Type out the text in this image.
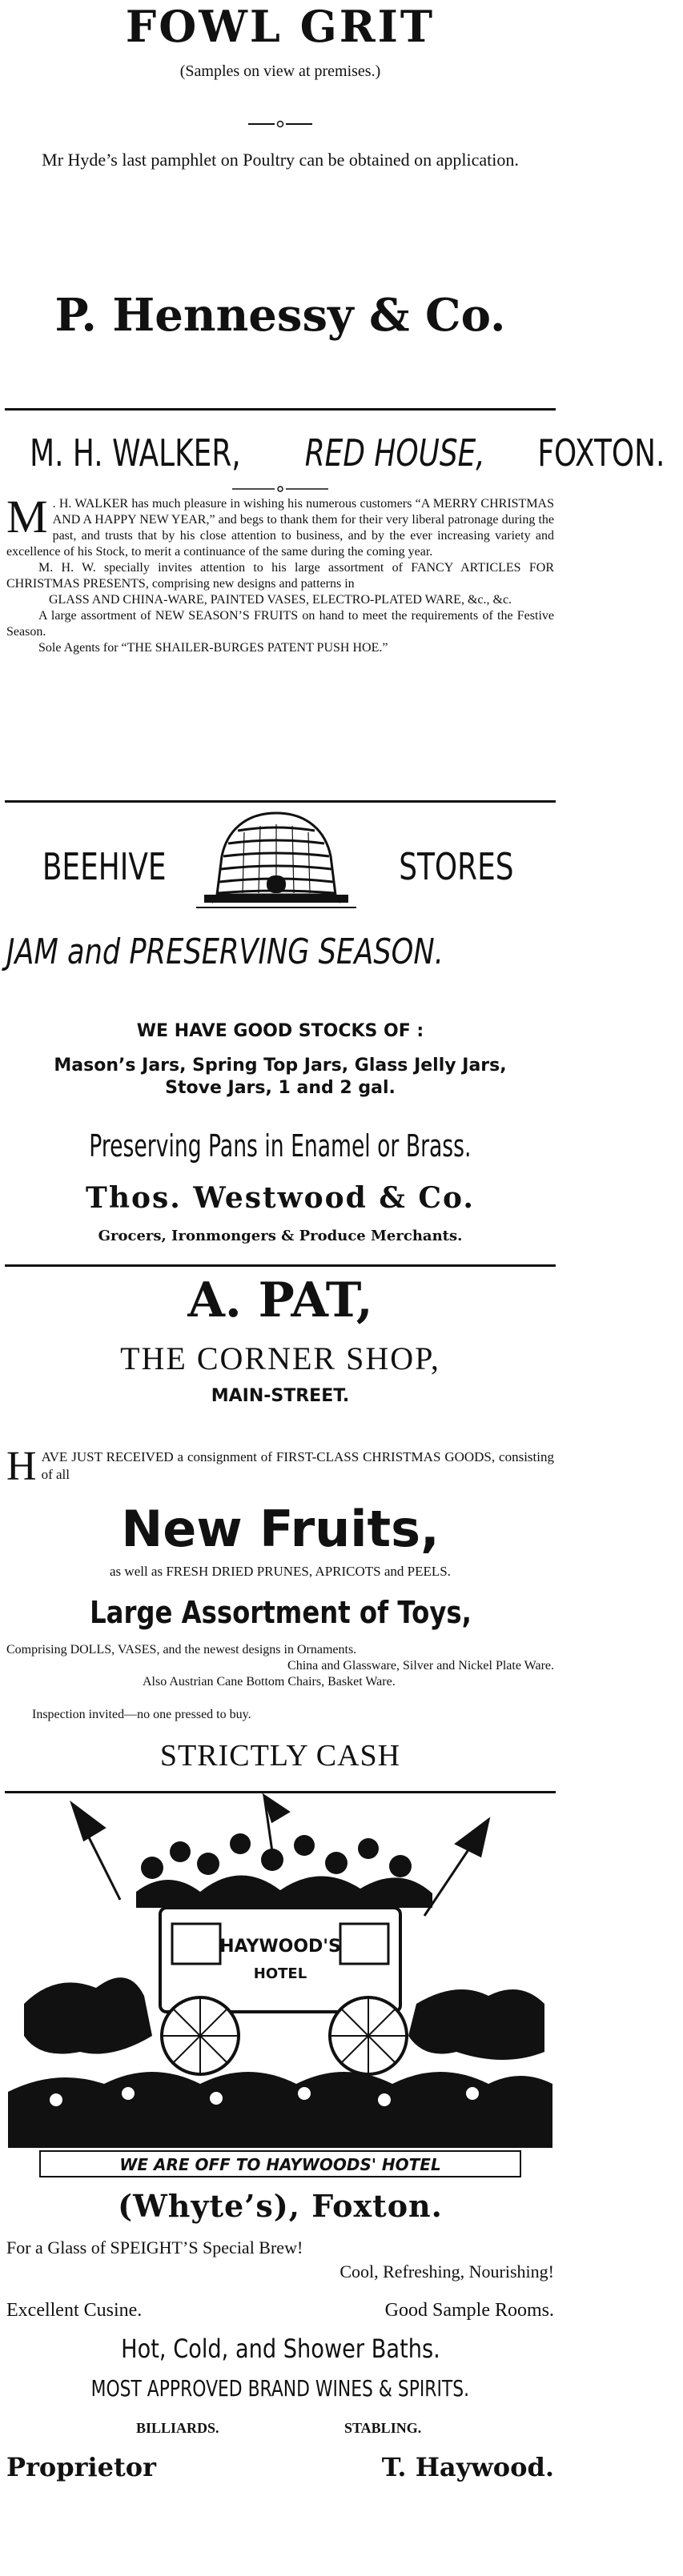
FOWL GRIT
(Samples on view at premises.)
Mr Hyde’s last pamphlet on Poultry can be obtained on application.
P. Hennessy & Co.
M. H. WALKER, RED HOUSE, FOXTON.

M . H. WALKER has much pleasure in wishing his numerous customers “A MERRY CHRISTMAS AND A HAPPY NEW YEAR,” and begs to thank them for their very liberal patronage during the past, and trusts that by his close attention to business, and by the ever increasing variety and excellence of his Stock, to merit a continuance of the same during the coming year.

M. H. W. specially invites attention to his large assortment of FANCY ARTICLES FOR CHRISTMAS PRESENTS, comprising new designs and patterns in

GLASS AND CHINA-WARE, PAINTED VASES, ELECTRO-PLATED WARE, &c., &c.

A large assortment of NEW SEASON’S FRUITS on hand to meet the requirements of the Festive Season.

Sole Agents for “THE SHAILER-BURGES PATENT PUSH HOE.”

BEEHIVE	STORES
JAM and PRESERVING SEASON.
WE HAVE GOOD STOCKS OF :
Mason’s Jars, Spring Top Jars, Glass Jelly Jars,
Stove Jars, 1 and 2 gal.
Preserving Pans in Enamel or Brass.
Thos. Westwood & Co.
Grocers, Ironmongers & Produce Merchants.
A. PAT,
THE CORNER SHOP,
MAIN-STREET.
HAVE JUST RECEIVED a consignment of FIRST-CLASS CHRISTMAS GOODS, consisting of all
New Fruits,
as well as FRESH DRIED PRUNES, APRICOTS and PEELS.
Large Assortment of Toys,
Comprising DOLLS, VASES, and the newest designs in Ornaments.
China and Glassware, Silver and Nickel Plate Ware.
Also Austrian Cane Bottom Chairs, Basket Ware.
Inspection invited—no one pressed to buy.
STRICTLY CASH
HAYWOOD'S
HOTEL
WE ARE OFF TO HAYWOODS' HOTEL
(Whyte’s), Foxton.
For a Glass of SPEIGHT’S Special Brew!
Cool, Refreshing, Nourishing!
Excellent Cusine.	Good Sample Rooms.
Hot, Cold, and Shower Baths.
MOST APPROVED BRAND WINES & SPIRITS.
BILLIARDS.	STABLING.
Proprietor	T. Haywood.
